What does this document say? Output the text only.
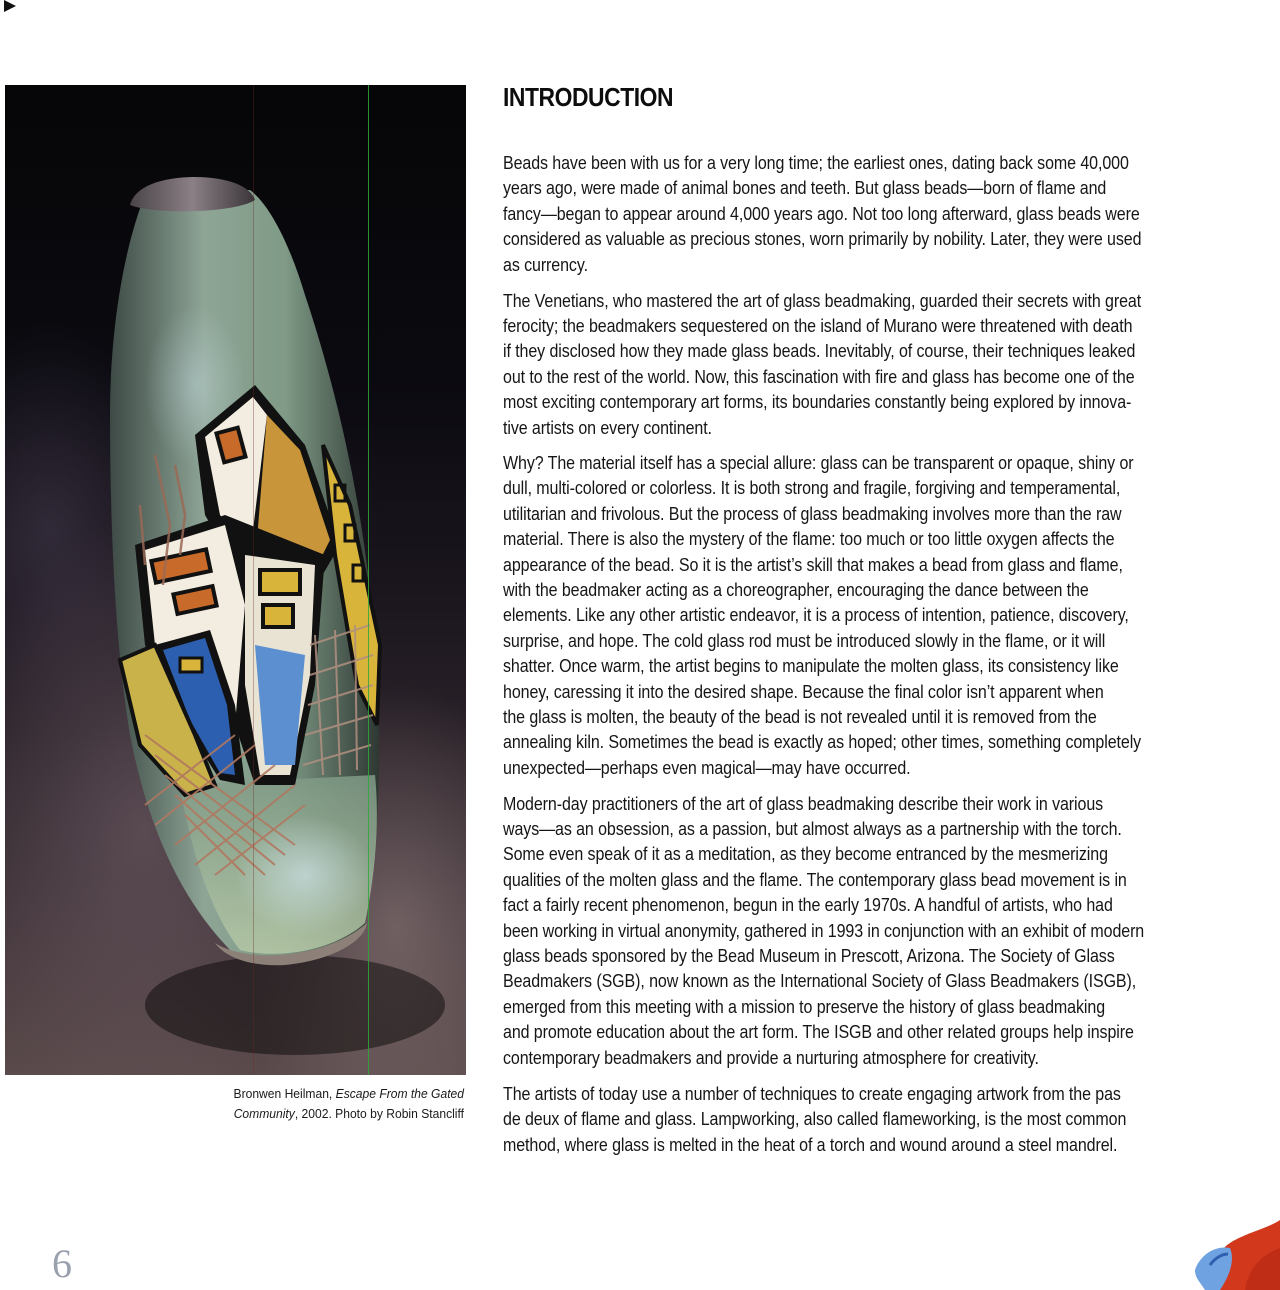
Bronwen Heilman, Escape From the Gated
Community, 2002. Photo by Robin Stancliff
INTRODUCTION

Beads have been with us for a very long time; the earliest ones, dating back some 40,000
years ago, were made of animal bones and teeth. But glass beads—born of flame and
fancy—began to appear around 4,000 years ago. Not too long afterward, glass beads were
considered as valuable as precious stones, worn primarily by nobility. Later, they were used
as currency.

The Venetians, who mastered the art of glass beadmaking, guarded their secrets with great
ferocity; the beadmakers sequestered on the island of Murano were threatened with death
if they disclosed how they made glass beads. Inevitably, of course, their techniques leaked
out to the rest of the world. Now, this fascination with fire and glass has become one of the
most exciting contemporary art forms, its boundaries constantly being explored by innova-
tive artists on every continent.

Why? The material itself has a special allure: glass can be transparent or opaque, shiny or
dull, multi-colored or colorless. It is both strong and fragile, forgiving and temperamental,
utilitarian and frivolous. But the process of glass beadmaking involves more than the raw
material. There is also the mystery of the flame: too much or too little oxygen affects the
appearance of the bead. So it is the artist’s skill that makes a bead from glass and flame,
with the beadmaker acting as a choreographer, encouraging the dance between the
elements. Like any other artistic endeavor, it is a process of intention, patience, discovery,
surprise, and hope. The cold glass rod must be introduced slowly in the flame, or it will
shatter. Once warm, the artist begins to manipulate the molten glass, its consistency like
honey, caressing it into the desired shape. Because the final color isn’t apparent when
the glass is molten, the beauty of the bead is not revealed until it is removed from the
annealing kiln. Sometimes the bead is exactly as hoped; other times, something completely
unexpected—perhaps even magical—may have occurred.

Modern-day practitioners of the art of glass beadmaking describe their work in various
ways—as an obsession, as a passion, but almost always as a partnership with the torch.
Some even speak of it as a meditation, as they become entranced by the mesmerizing
qualities of the molten glass and the flame. The contemporary glass bead movement is in
fact a fairly recent phenomenon, begun in the early 1970s. A handful of artists, who had
been working in virtual anonymity, gathered in 1993 in conjunction with an exhibit of modern
glass beads sponsored by the Bead Museum in Prescott, Arizona. The Society of Glass
Beadmakers (SGB), now known as the International Society of Glass Beadmakers (ISGB),
emerged from this meeting with a mission to preserve the history of glass beadmaking
and promote education about the art form. The ISGB and other related groups help inspire
contemporary beadmakers and provide a nurturing atmosphere for creativity.

The artists of today use a number of techniques to create engaging artwork from the pas
de deux of flame and glass. Lampworking, also called flameworking, is the most common
method, where glass is melted in the heat of a torch and wound around a steel mandrel.

6
